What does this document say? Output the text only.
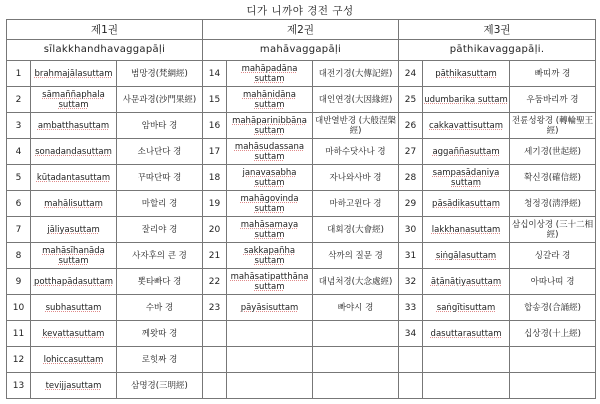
디가 니까야 경전 구성
제1권			제2권			제3권		
sīlakkhandhavaggapāḷi			mahāvaggapāḷi			pāthikavaggapāḷi.		
1	brahmajālasuttam	범망경(梵網經)	14	mahāpadāna suttam	대전기경(大傳記經)	24	pāthikasuttam	빠띠까 경
2	sāmaññaphala suttam	사문과경(沙門果經)	15	mahānidāna suttam	대인연경(大因緣經)	25	udumbarika suttam	우둠바리까 경
3	ambatthasuttam	암바타 경	16	mahāparinibbāna suttam	대반열반경 (大般涅槃經)	26	cakkavattisuttam	전륜성왕경 (轉輪聖王經)
4	sonadandasuttam	소나단다 경	17	mahāsudassana suttam	마하수닷사나 경	27	aggaññasuttam	세기경(世起經)
5	kūṭadantasuttam	꾸따단따 경	18	janavasabha suttam	자나와사바 경	28	sampasādaniya suttam	확신경(確信經)
6	mahālisuttam	마할리 경	19	mahāgovinda suttam	마하고윈다 경	29	pāsādikasuttam	청정경(淸淨經)
7	jāliyasuttam	잘리야 경	20	mahāsamaya suttam	대회경(大會經)	30	lakkhanasuttam	삼십이상경 (三十二相經)
8	mahāsīhanāda suttam	사자후의 큰 경	21	sakkapañha suttam	삭까의 질문 경	31	siṅgālasuttam	싱갈라 경
9	potthapādasuttam	뽓타빠다 경	22	mahāsatipatthāna suttam	대념처경(大念處經)	32	āṭānāṭiyasuttam	아따나띠 경
10	subhasuttam	수바 경	23	pāyāsisuttam	빠야시 경	33	saṅgītisuttam	합송경(合誦經)
11	kevattasuttam	께왓따 경				34	dasuttarasuttam	십상경(十上經)
12	lohiccasuttam	로힛짜 경						
13	tevijjasuttam	삼명경(三明經)						
